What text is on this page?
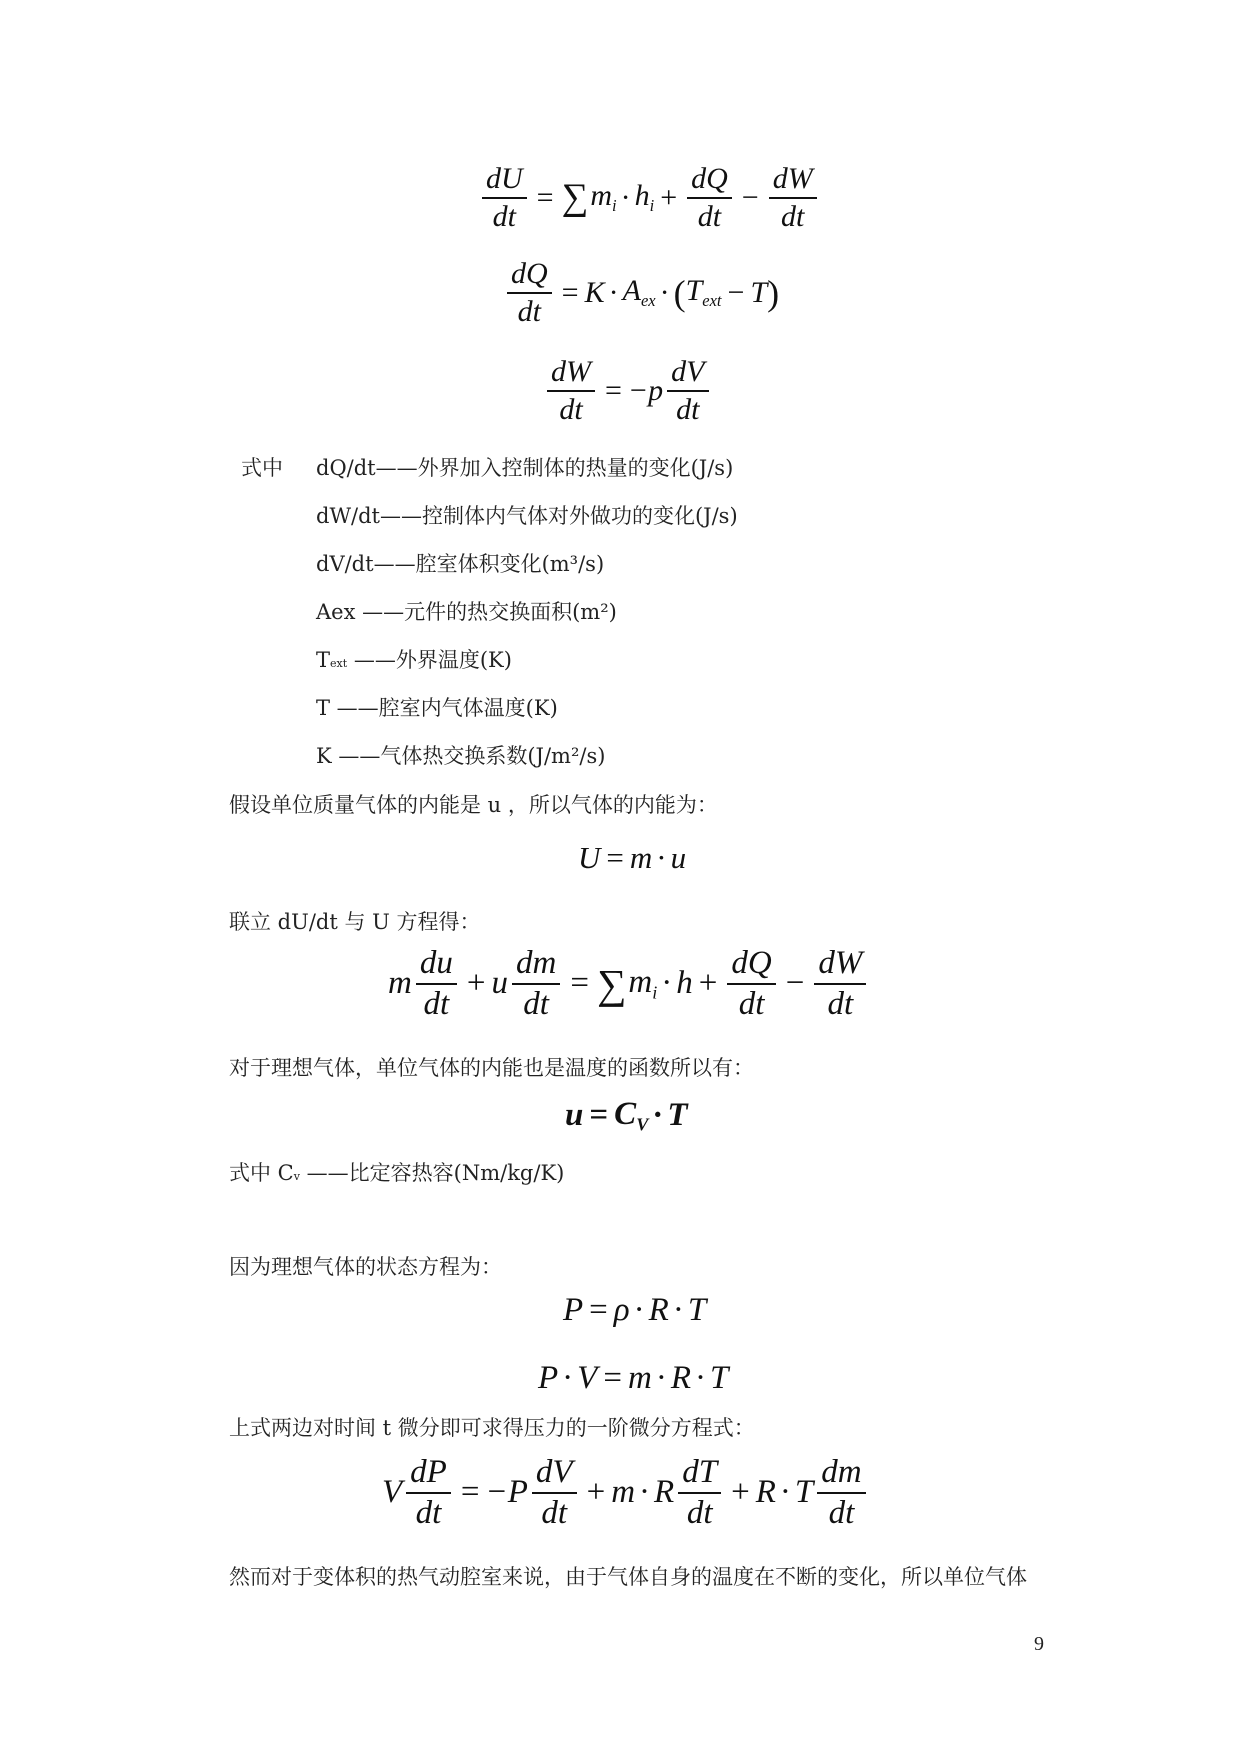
$\frac{dU}{dt}$ = ∑ $m_i \cdot h_i + \frac{dQ}{dt} - \frac{dW}{dt}$
$\frac{dQ}{dt} = K \cdot A_{ex}$ · ( $T_{ext} - T$ )
$\frac{dW}{dt} = -p \frac{dV}{dt}$
式中 dQ/dt——外界加入控制体的热量的变化(J/s)
dW/dt——控制体内气体对外做功的变化(J/s)
dV/dt——腔室体积变化(m³/s)
Aex ——元件的热交换面积(m²)
Text ——外界温度(K)
T ——腔室内气体温度(K)
K ——气体热交换系数(J/m²/s)
假设单位质量气体的内能是 u ，所以气体的内能为：
U = m · u
联立 dU/dt 与 U 方程得：
m $\frac{du}{dt} + u \frac{dm}{dt}$ = ∑ $m_i \cdot h + \frac{dQ}{dt} - \frac{dW}{dt}$
对于理想气体，单位气体的内能也是温度的函数所以有：
$u = C_V \cdot T$
式中 Cv ——比定容热容(Nm/kg/K)
因为理想气体的状态方程为：
P = ρ · R · T
P · V = m · R · T
上式两边对时间 t 微分即可求得压力的一阶微分方程式：
V $\frac{dP}{dt} = -P \frac{dV}{dt} + m \cdot R \frac{dT}{dt} + R \cdot T \frac{dm}{dt}$
然而对于变体积的热气动腔室来说，由于气体自身的温度在不断的变化，所以单位气体
9
